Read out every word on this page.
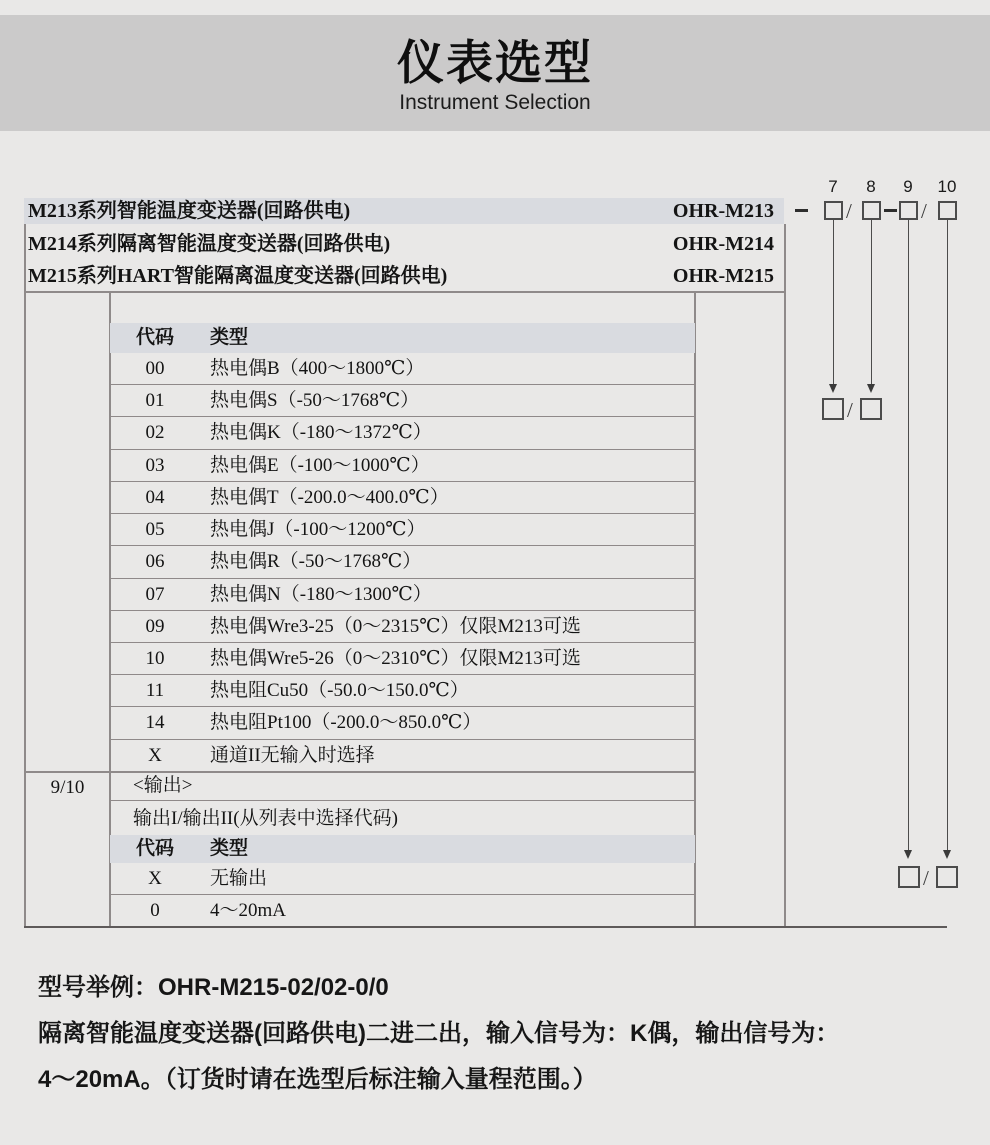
仪表选型
Instrument Selection
M213系列智能温度变送器(回路供电)	OHR-M213
M214系列隔离智能温度变送器(回路供电)	OHR-M214
M215系列HART智能隔离温度变送器(回路供电)	OHR-M215
代码	类型
00	热电偶B（400～1800℃）
01	热电偶S（-50～1768℃）
02	热电偶K（-180～1372℃）
03	热电偶E（-100～1000℃）
04	热电偶T（-200.0～400.0℃）
05	热电偶J（-100～1200℃）
06	热电偶R（-50～1768℃）
07	热电偶N（-180～1300℃）
09	热电偶Wre3-25（0～2315℃）仅限M213可选
10	热电偶Wre5-26（0～2310℃）仅限M213可选
11	热电阻Cu50（-50.0～150.0℃）
14	热电阻Pt100（-200.0～850.0℃）
X	通道II无输入时选择
<输出>
输出I/输出II(从列表中选择代码)
代码	类型
X	无输出
0	4～20mA
9/10
7	8	9	10
/	/
/
/
型号举例：OHR-M215-02/02-0/0
隔离智能温度变送器(回路供电)二进二出，输入信号为：K偶，输出信号为：
4～20mA。（订货时请在选型后标注输入量程范围。）
